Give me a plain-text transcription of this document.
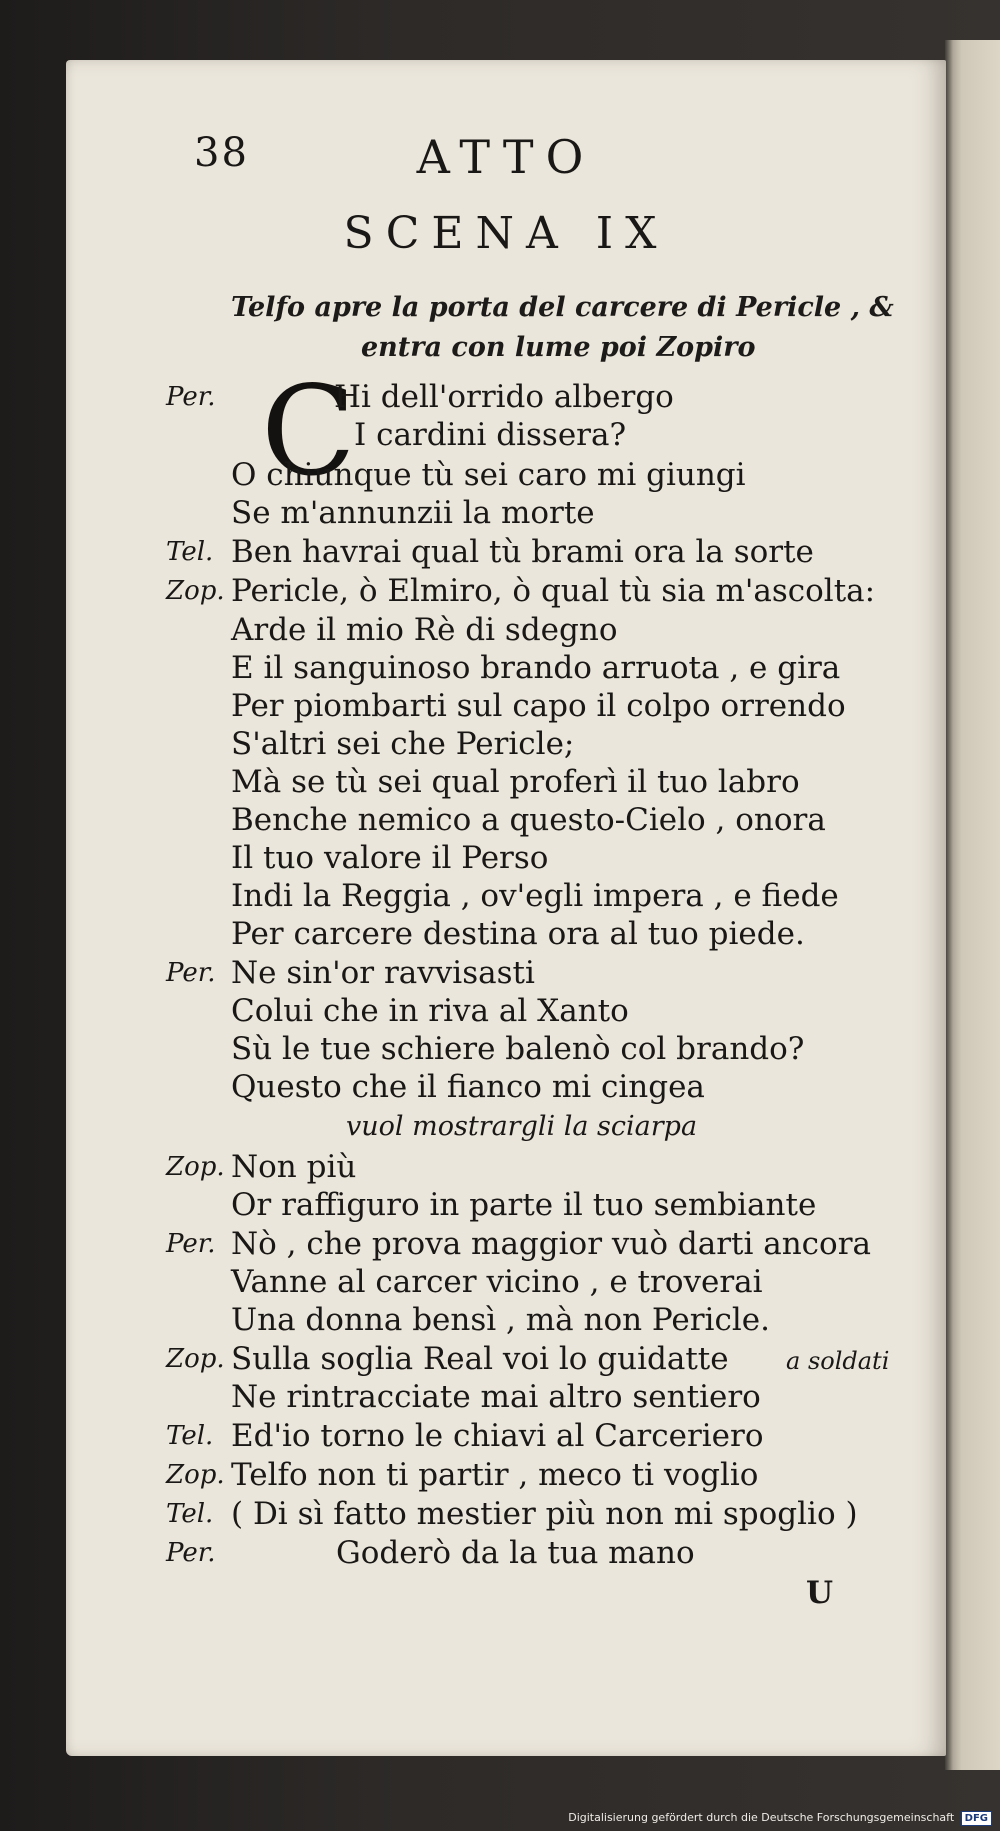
38	ATTO
SCENA IX
Telfo apre la porta del carcere di Pericle , &
entra con lume poi Zopiro
C
Per.	Hi dell'orrido albergo
I cardini dissera?
O chiunque tù sei caro mi giungi
Se m'annunzii la morte
Tel. Ben havrai qual tù brami ora la sorte
Zop. Pericle, ò Elmiro, ò qual tù sia m'ascolta:
Arde il mio Rè di sdegno
E il sanguinoso brando arruota , e gira
Per piombarti sul capo il colpo orrendo
S'altri sei che Pericle;
Mà se tù sei qual proferì il tuo labro
Benche nemico a questo-Cielo , onora
Il tuo valore il Perso
Indi la Reggia , ov'egli impera , e fiede
Per carcere destina ora al tuo piede.
Per. Ne sin'or ravvisasti
Colui che in riva al Xanto
Sù le tue schiere balenò col brando?
Questo che il fianco mi cingea
vuol mostrargli la sciarpa
Zop. Non più
Or raffiguro in parte il tuo sembiante
Per. Nò , che prova maggior vuò darti ancora
Vanne al carcer vicino , e troverai
Una donna bensì , mà non Pericle.
Zop. Sulla soglia Real voi lo guidatte a soldati
Ne rintracciate mai altro sentiero
Tel. Ed'io torno le chiavi al Carceriero
Zop. Telfo non ti partir , meco ti voglio
Tel. ( Di sì fatto mestier più non mi spoglio )
Per.	Goderò da la tua mano
U
Digitalisierung gefördert durch die Deutsche Forschungsgemeinschaft DFG
